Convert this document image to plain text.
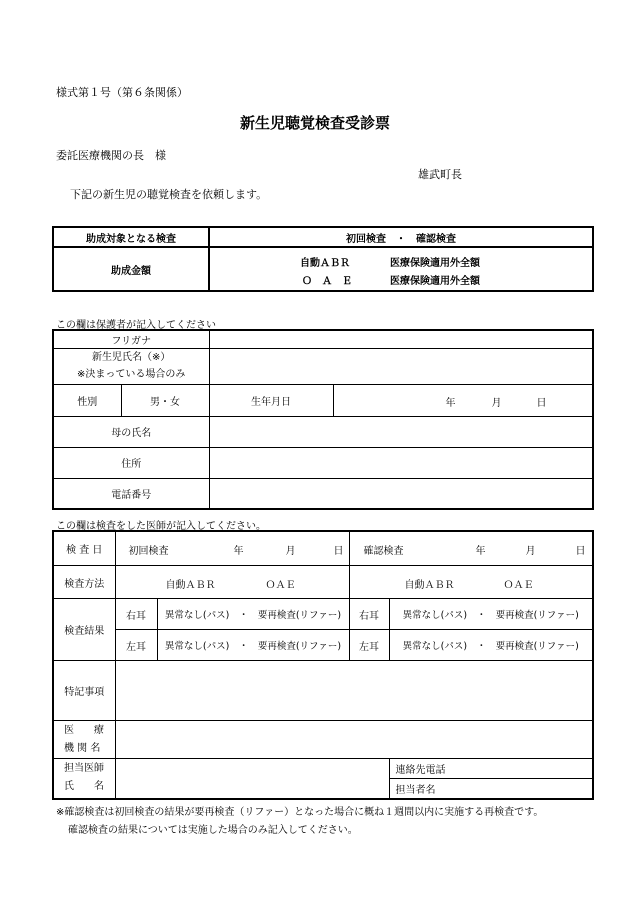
様式第１号（第６条関係）
新生児聴覚検査受診票
委託医療機関の長　様
雄武町長
下記の新生児の聴覚検査を依頼します。
助成対象となる検査	初回検査　・　確認検査
助成金額	自動ＡＢＲ 医療保険適用外全額
Ｏ　Ａ　Ｅ 医療保険適用外全額
この欄は保護者が記入してください
フリガナ			

新生児氏名（※）
※決まっている場合のみ			

性別	男・女	生年月日	年 月 日

母の氏名			
住所			
電話番号			
この欄は検査をした医師が記入してください。
検 査 日	初回検査 年 月 日		確認検査 年 月 日	

検査方法	自動ＡＢＲ ＯＡＥ		自動ＡＢＲ ＯＡＥ	

検査結果	右耳	異常なし(パス)　・　要再検査(リファー)	右耳	異常なし(パス)　・　要再検査(リファー)
	左耳	異常なし(パス)　・　要再検査(リファー)	左耳	異常なし(パス)　・　要再検査(リファー)
特記事項				

医　　療
機 関 名				

担当医師
氏　　名				連絡先電話
				担当者名
※確認検査は初回検査の結果が要再検査（リファー）となった場合に概ね１週間以内に実施する再検査です。
確認検査の結果については実施した場合のみ記入してください。
